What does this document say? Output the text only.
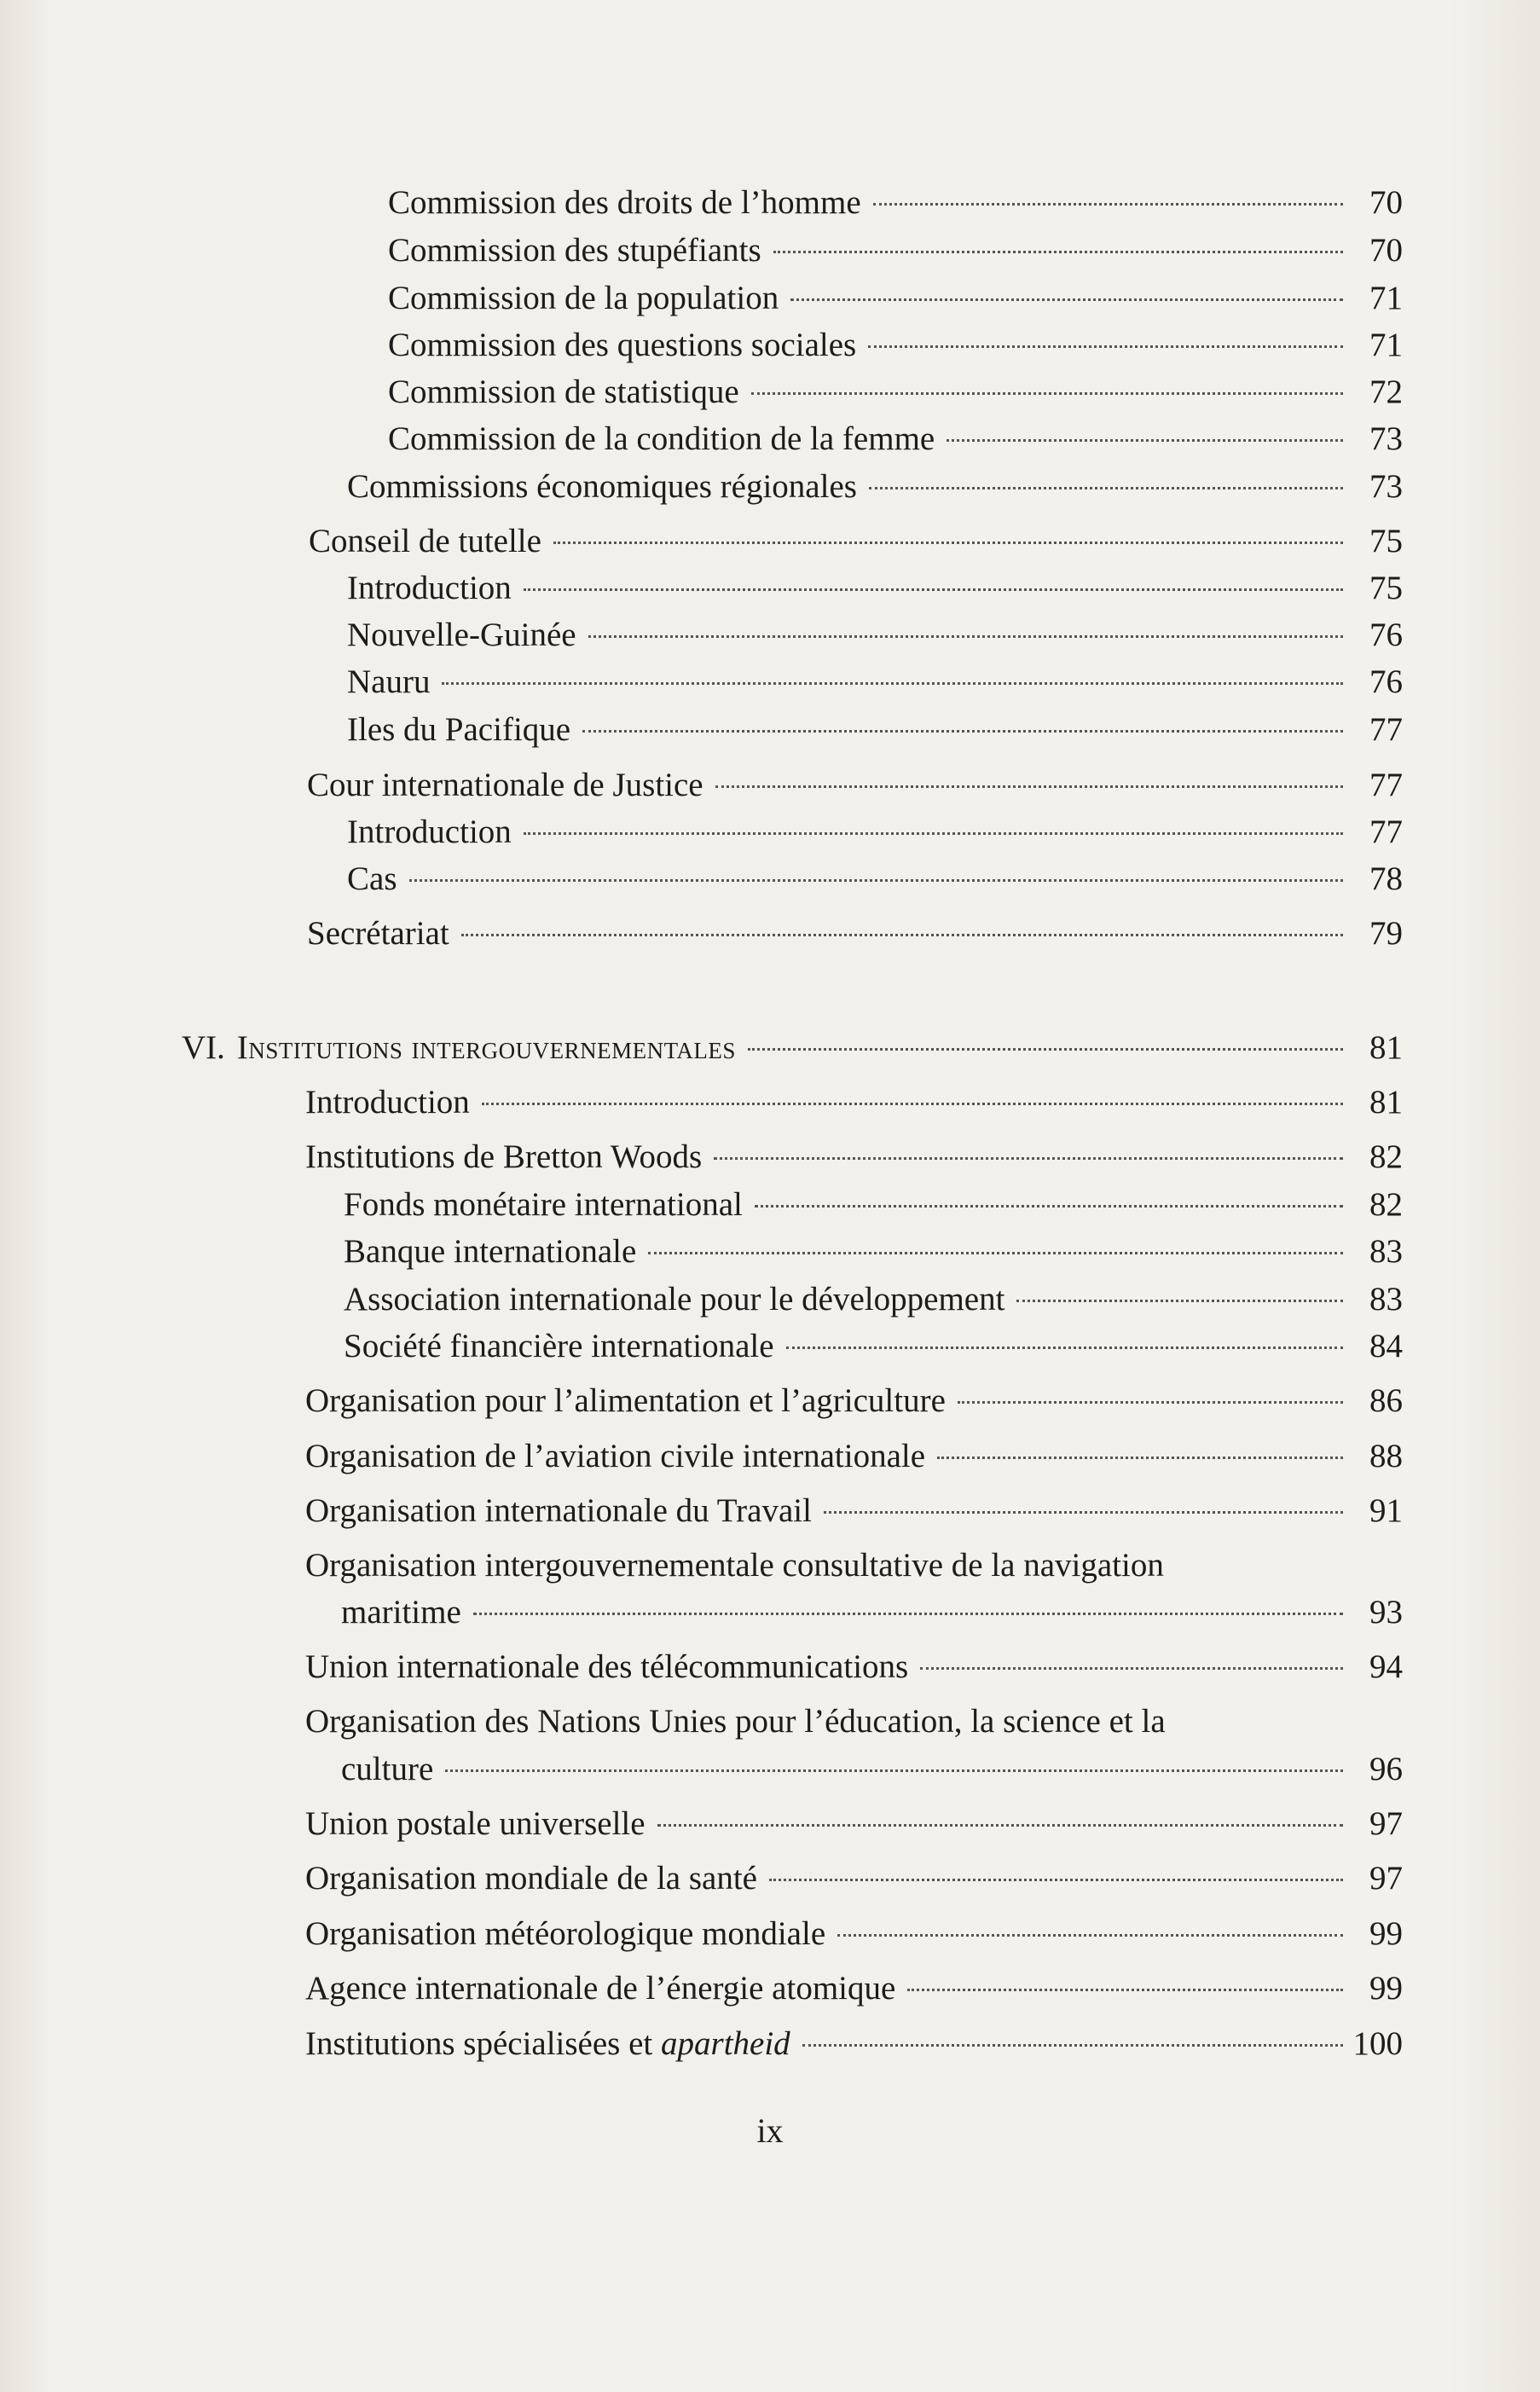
Commission des droits de l’homme	70
Commission des stupéfiants	70
Commission de la population	71
Commission des questions sociales	71
Commission de statistique	72
Commission de la condition de la femme	73
Commissions économiques régionales	73
Conseil de tutelle	75
Introduction	75
Nouvelle-Guinée	76
Nauru	76
Iles du Pacifique	77
Cour internationale de Justice	77
Introduction	77
Cas	78
Secrétariat	79
VI. Institutions intergouvernementales	81
Introduction	81
Institutions de Bretton Woods	82
Fonds monétaire international	82
Banque internationale	83
Association internationale pour le développement	83
Société financière internationale	84
Organisation pour l’alimentation et l’agriculture	86
Organisation de l’aviation civile internationale	88
Organisation internationale du Travail	91
Organisation intergouvernementale consultative de la navigation
maritime	93
Union internationale des télécommunications	94
Organisation des Nations Unies pour l’éducation, la science et la
culture	96
Union postale universelle	97
Organisation mondiale de la santé	97
Organisation météorologique mondiale	99
Agence internationale de l’énergie atomique	99
Institutions spécialisées et apartheid	100
ix
